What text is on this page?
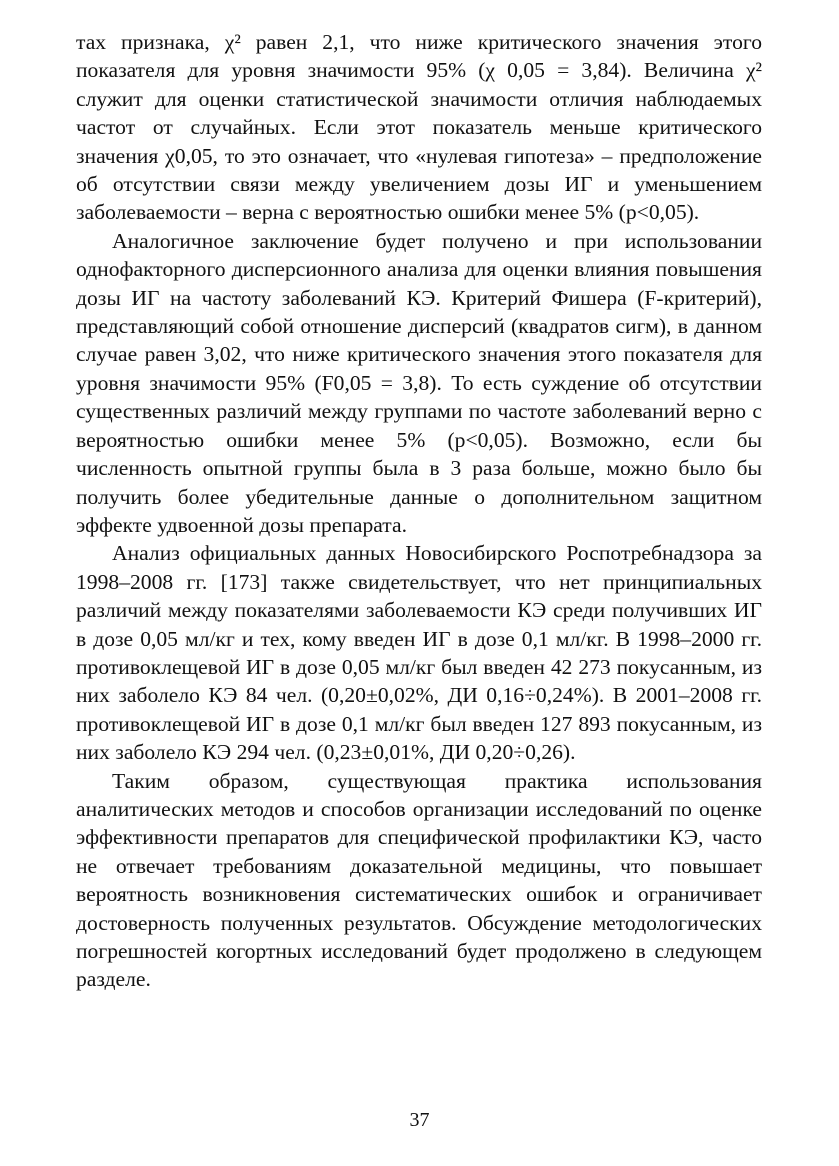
тах признака, χ² равен 2,1, что ниже критического значения этого показателя для уровня значимости 95% (χ 0,05 = 3,84). Величина χ² служит для оценки статистической значимости отличия наблюдаемых частот от случайных. Если этот показатель меньше критического значения χ0,05, то это означает, что «нулевая гипотеза» – предположение об отсутствии связи между увеличением дозы ИГ и уменьшением заболеваемости – верна с вероятностью ошибки менее 5% (p<0,05).

Аналогичное заключение будет получено и при использовании однофакторного дисперсионного анализа для оценки влияния повышения дозы ИГ на частоту заболеваний КЭ. Критерий Фишера (F-критерий), представляющий собой отношение дисперсий (квадратов сигм), в данном случае равен 3,02, что ниже критического значения этого показателя для уровня значимости 95% (F0,05 = 3,8). То есть суждение об отсутствии существенных различий между группами по частоте заболеваний верно с вероятностью ошибки менее 5% (p<0,05). Возможно, если бы численность опытной группы была в 3 раза больше, можно было бы получить более убедительные данные о дополнительном защитном эффекте удвоенной дозы препарата.

Анализ официальных данных Новосибирского Роспотребнадзора за 1998–2008 гг. [173] также свидетельствует, что нет принципиальных различий между показателями заболеваемости КЭ среди получивших ИГ в дозе 0,05 мл/кг и тех, кому введен ИГ в дозе 0,1 мл/кг. В 1998–2000 гг. противоклещевой ИГ в дозе 0,05 мл/кг был введен 42 273 покусанным, из них заболело КЭ 84 чел. (0,20±0,02%, ДИ 0,16÷0,24%). В 2001–2008 гг. противоклещевой ИГ в дозе 0,1 мл/кг был введен 127 893 покусанным, из них заболело КЭ 294 чел. (0,23±0,01%, ДИ 0,20÷0,26).

Таким образом, существующая практика использования аналитических методов и способов организации исследований по оценке эффективности препаратов для специфической профилактики КЭ, часто не отвечает требованиям доказательной медицины, что повышает вероятность возникновения систематических ошибок и ограничивает достоверность полученных результатов. Обсуждение методологических погрешностей когортных исследований будет продолжено в следующем разделе.

37
